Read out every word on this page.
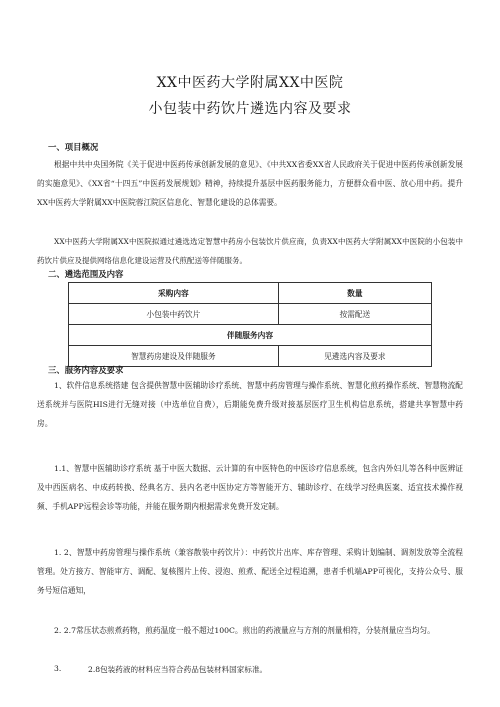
XX中医药大学附属XX中医院
小包装中药饮片遴选内容及要求
一、项目概况
根据中共中央国务院《关于促进中医药传承创新发展的意见》、《中共XX省委XX省人民政府关于促进中医药传承创新发展的实施意见》、《XX省“十四五”中医药发展规划》精神，持续提升基层中医药服务能力，方便群众看中医、放心用中药。提升XX中医药大学附属XX中医院蓉江院区信息化、智慧化建设的总体需要。
XX中医药大学附属XX中医院拟通过遴选选定智慧中药房小包装饮片供应商，负责XX中医药大学附属XX中医院的小包装中药饮片供应及提供网络信息化建设运营及代煎配送等伴随服务。
二、遴选范围及内容
采购内容	数量
小包装中药饮片	按需配送
伴随服务内容	
智慧药房建设及伴随服务	见遴选内容及要求
三、服务内容及要求
1、软件信息系统搭建 包含提供智慧中医辅助诊疗系统、智慧中药房管理与操作系统、智慧化煎药操作系统、智慧物流配送系统并与医院HIS进行无缝对接（中选单位自费），后期能免费升级对接基层医疗卫生机构信息系统，搭建共享智慧中药房。
1.1、智慧中医辅助诊疗系统 基于中医大数据、云计算的有中医特色的中医诊疗信息系统，包含内外妇儿等各科中医辨证及中西医病名、中成药转换、经典名方、县内名老中医协定方等智能开方、辅助诊疗、在线学习经典医案、适宜技术操作视频、手机APP远程会诊等功能，并能在服务期内根据需求免费开发定制。
1. 2、智慧中药房管理与操作系统（兼容散装中药饮片）：中药饮片出库、库存管理、采购计划编制、调剂发放等全流程管理。处方接方、智能审方、调配、复核图片上传、浸泡、煎煮、配送全过程追溯，患者手机端APP可视化，支持公众号、服务号短信通知，
2. 2.7常压状态煎煮药物，煎药温度一般不超过100C。煎出的药液量应与方剂的剂量相符，分装剂量应当均匀。
3.	2.8包装药液的材料应当符合药品包装材料国家标准。
